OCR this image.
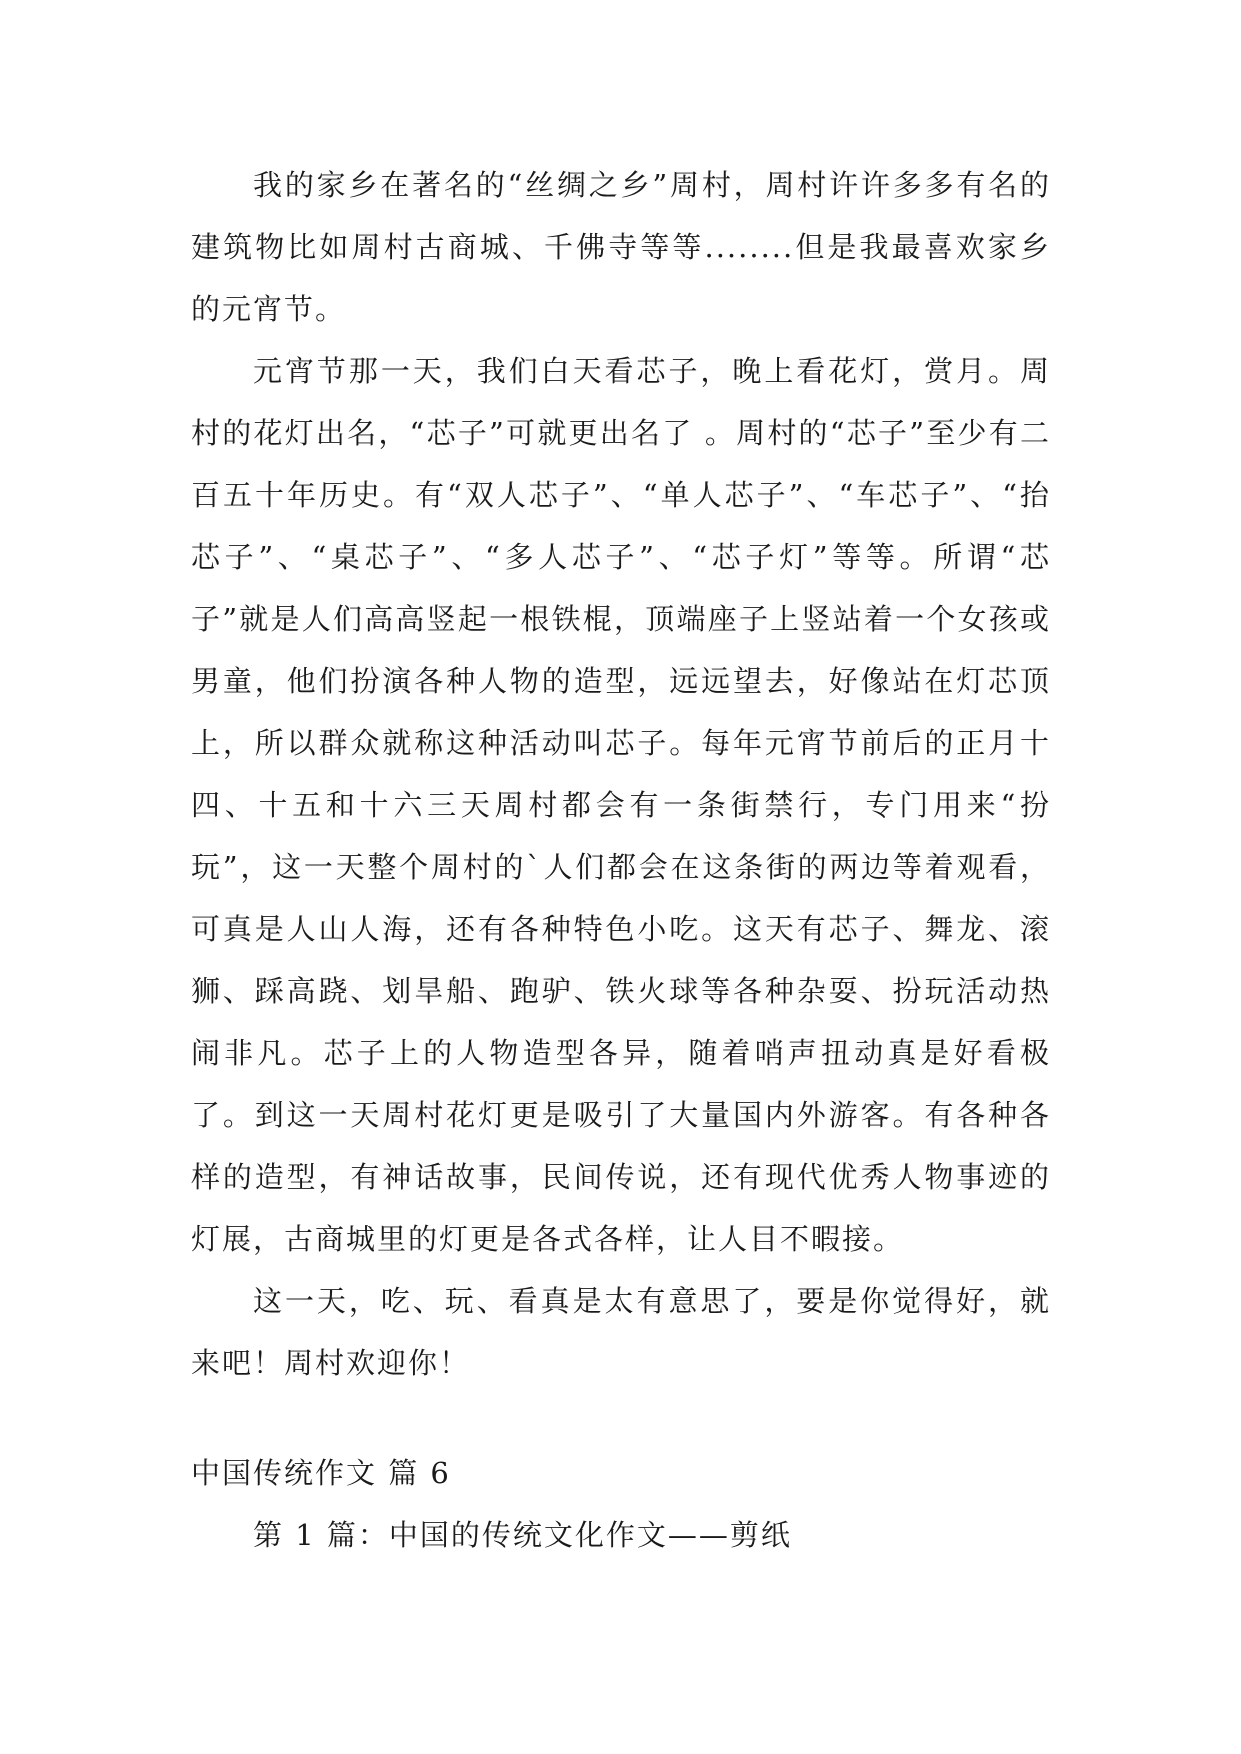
我的家乡在著名的“丝绸之乡”周村，周村许许多多有名的建筑物比如周村古商城、千佛寺等等........但是我最喜欢家乡的元宵节。

元宵节那一天，我们白天看芯子，晚上看花灯，赏月。周村的花灯出名，“芯子”可就更出名了 。周村的“芯子”至少有二百五十年历史。有“双人芯子”、“单人芯子”、“车芯子”、“抬芯子”、“桌芯子”、“多人芯子”、“芯子灯”等等。所谓“芯子”就是人们高高竖起一根铁棍，顶端座子上竖站着一个女孩或男童，他们扮演各种人物的造型，远远望去，好像站在灯芯顶上，所以群众就称这种活动叫芯子。每年元宵节前后的正月十四、十五和十六三天周村都会有一条街禁行，专门用来“扮玩”，这一天整个周村的`人们都会在这条街的两边等着观看，可真是人山人海，还有各种特色小吃。这天有芯子、舞龙、滚狮、踩高跷、划旱船、跑驴、铁火球等各种杂耍、扮玩活动热闹非凡。芯子上的人物造型各异，随着哨声扭动真是好看极了。到这一天周村花灯更是吸引了大量国内外游客。有各种各样的造型，有神话故事，民间传说，还有现代优秀人物事迹的灯展，古商城里的灯更是各式各样，让人目不暇接。

这一天，吃、玩、看真是太有意思了，要是你觉得好，就来吧！周村欢迎你！

中国传统作文 篇 6

第 1 篇：中国的传统文化作文——剪纸
